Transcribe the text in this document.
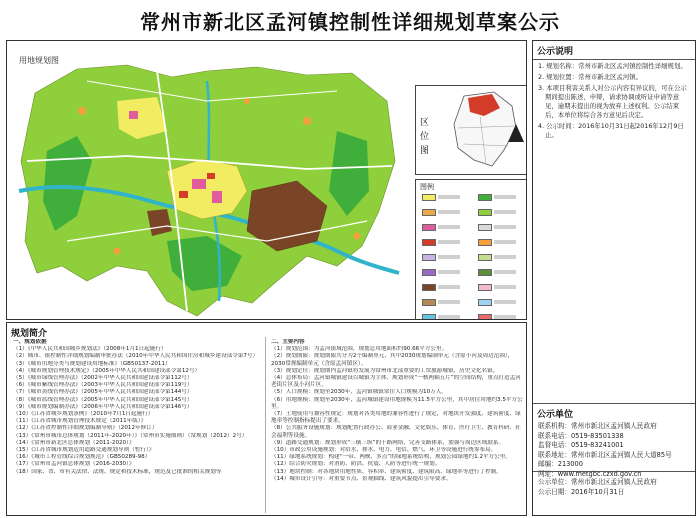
常州市新北区孟河镇控制性详细规划草案公示
用地规划图
区位图
图例
公示说明
1. 规划名称：常州市新北区孟河镇控制性详细规划。
2. 规划位置：常州市新北区孟河镇。
3. 本项目利害关系人对公示内容有异议的，可在公示期间提出陈述、申辩，请求协调或听证申请等意见，逾期未提出的视为放弃上述权利。公示结束后，本单位将综合各方意见后决定。
4. 公示时间：2016年10月31日起2016年12月9日止。
公示单位
联系机构：常州市新北区孟河镇人民政府
联系电话：0519-83501338
监督电话：0519-83241001
联系地址：常州市新北区孟河镇人民大道85号
邮编：213000
网址：www.metgbc.czxd.gov.cn
公示单位：常州市新北区孟河镇人民政府
公示日期：2016年10月31日
规划简介
一、规划依据
（1）《中华人民共和国城乡规划法》（2008年1月1日起施行）
（2）城市、镇控制性详细规划编制审批办法（2010年中华人民共和国住房和城乡建设部令第7号）
（3）《城市用地分类与规划建设用地标准》（GB50137-2011）
（4）《城市规划管理技术规定》（2005年中华人民共和国建设部令第12号）
（5）《城市绿线管理办法》（2002年中华人民共和国建设部令第112号）
（6）《城市紫线管理办法》（2003年中华人民共和国建设部令第119号）
（7）《城市黄线管理办法》（2005年中华人民共和国建设部令第144号）
（8）《城市蓝线管理办法》（2005年中华人民共和国建设部令第145号）
（9）《城市规划编制办法》（2006年中华人民共和国建设部令第146号）
（10）《江苏省城乡规划条例》（2010年7月1日起施行）
（11）《江苏省城市规划管理技术规定（2011年版）》
（12）《江苏省控制性详细规划编制导则》（2012年修订）
（13）《常州市城市总体规划（2011年-2020年）》（常州市实施细则）（常规划（2012）2号）
（14）《常州市新北区总体规划（2011-2020）》
（15）《江苏省城市规划适用道路交通规划导则（暂行）》
（16）《城市工程管线综合规划规范》（GB50289-98）
（17）《常州市孟河镇总体规划（2016-2030）》
（18）国家、省、市有关法律、法规、规定和技术标准，规范及已批准的相关规划等
二、主要内容
（1）规划范围：为孟河镇域范围，规划总用地面积约90.66平方公里。
（2）规划期限：规划期限共分为2个编制单元，其中2030规划编制单元（含原小河及周边范围），2030常规编制单元（含原孟河镇区）。
（3）规划定位：规划期内孟河镇将发展为常州市北部重要的工贸旅游城镇，历史文化名镇。
（4）总体布局：孟河镇城镇建设以城镇为主体，规划形成“一核两轴五片”的空间结构，重点打造孟河老街片区及小河片区。
（5）人口规模：规划至2030年，孟河镇城镇常住人口规模为10万人。
（6）用地规模：规划至2030年，孟河城镇建设用地规模为11.5平方公里，其中居住用地约3.5平方公里。
（7）土地使用与兼容性规定：规划对各类用地的兼容性进行了规定，对地块开发强度、建筑密度、绿地率等控制指标提出了要求。
（8）公共服务设施规划：规划配置行政办公、商业金融、文化娱乐、体育、医疗卫生、教育科研、社会福利等设施。
（9）道路交通规划：规划形成“三横三纵”的干路网络，完善支路体系，加强与周边区域联系。
（10）市政公用设施规划：对给水、排水、电力、电信、燃气、环卫等设施进行统筹布局。
（11）绿地系统规划：构建“一带、两楔、多点”的绿地系统结构，规划公园绿地约1.2平方公里。
（12）综合防灾规划：对消防、防洪、抗震、人防等进行统一规划。
（13）地块控制：对各地块用地性质、容积率、建筑密度、建筑限高、绿地率等进行了控制。
（14）城市设计引导：对重要节点、景观轴线、建筑风貌提出引导要求。
